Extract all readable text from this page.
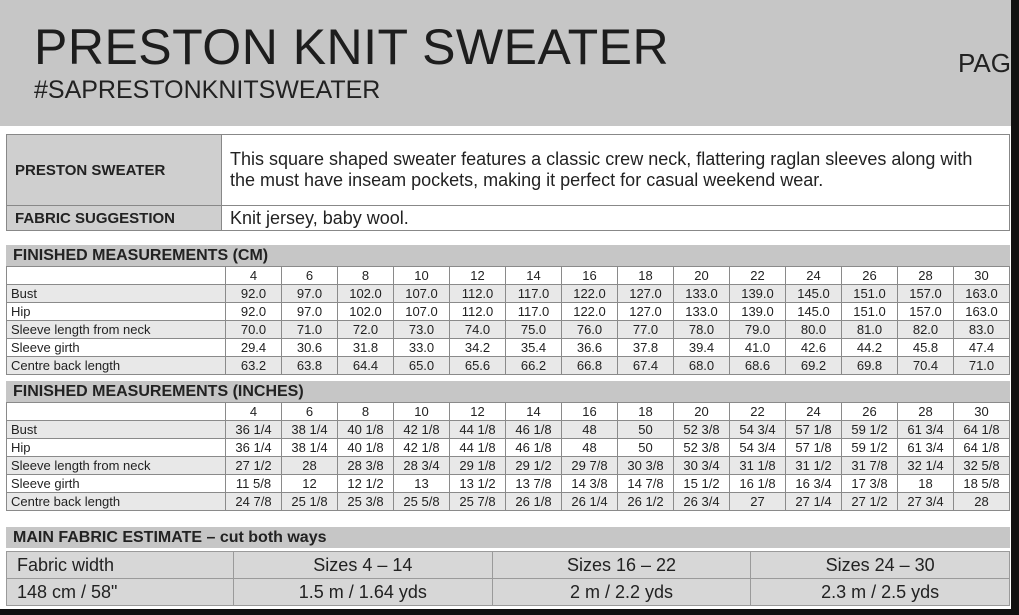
PRESTON KNIT SWEATER
#SAPRESTONKNITSWEATER
PAG
PRESTON SWEATER	This square shaped sweater features a classic crew neck, flattering raglan sleeves along with the must have inseam pockets, making it perfect for casual weekend wear.
FABRIC SUGGESTION	Knit jersey, baby wool.
FINISHED MEASUREMENTS (CM)
	4	6	8	10	12	14	16	18	20	22	24	26	28	30
Bust	92.0	97.0	102.0	107.0	112.0	117.0	122.0	127.0	133.0	139.0	145.0	151.0	157.0	163.0
Hip	92.0	97.0	102.0	107.0	112.0	117.0	122.0	127.0	133.0	139.0	145.0	151.0	157.0	163.0
Sleeve length from neck	70.0	71.0	72.0	73.0	74.0	75.0	76.0	77.0	78.0	79.0	80.0	81.0	82.0	83.0
Sleeve girth	29.4	30.6	31.8	33.0	34.2	35.4	36.6	37.8	39.4	41.0	42.6	44.2	45.8	47.4
Centre back length	63.2	63.8	64.4	65.0	65.6	66.2	66.8	67.4	68.0	68.6	69.2	69.8	70.4	71.0
FINISHED MEASUREMENTS (INCHES)
	4	6	8	10	12	14	16	18	20	22	24	26	28	30
Bust	36 1/4	38 1/4	40 1/8	42 1/8	44 1/8	46 1/8	48	50	52 3/8	54 3/4	57 1/8	59 1/2	61 3/4	64 1/8
Hip	36 1/4	38 1/4	40 1/8	42 1/8	44 1/8	46 1/8	48	50	52 3/8	54 3/4	57 1/8	59 1/2	61 3/4	64 1/8
Sleeve length from neck	27 1/2	28	28 3/8	28 3/4	29 1/8	29 1/2	29 7/8	30 3/8	30 3/4	31 1/8	31 1/2	31 7/8	32 1/4	32 5/8
Sleeve girth	11 5/8	12	12 1/2	13	13 1/2	13 7/8	14 3/8	14 7/8	15 1/2	16 1/8	16 3/4	17 3/8	18	18 5/8
Centre back length	24 7/8	25 1/8	25 3/8	25 5/8	25 7/8	26 1/8	26 1/4	26 1/2	26 3/4	27	27 1/4	27 1/2	27 3/4	28
MAIN FABRIC ESTIMATE – cut both ways
Fabric width	Sizes 4 – 14	Sizes 16 – 22	Sizes 24 – 30
148 cm / 58"	1.5 m / 1.64 yds	2 m / 2.2 yds	2.3 m / 2.5 yds
